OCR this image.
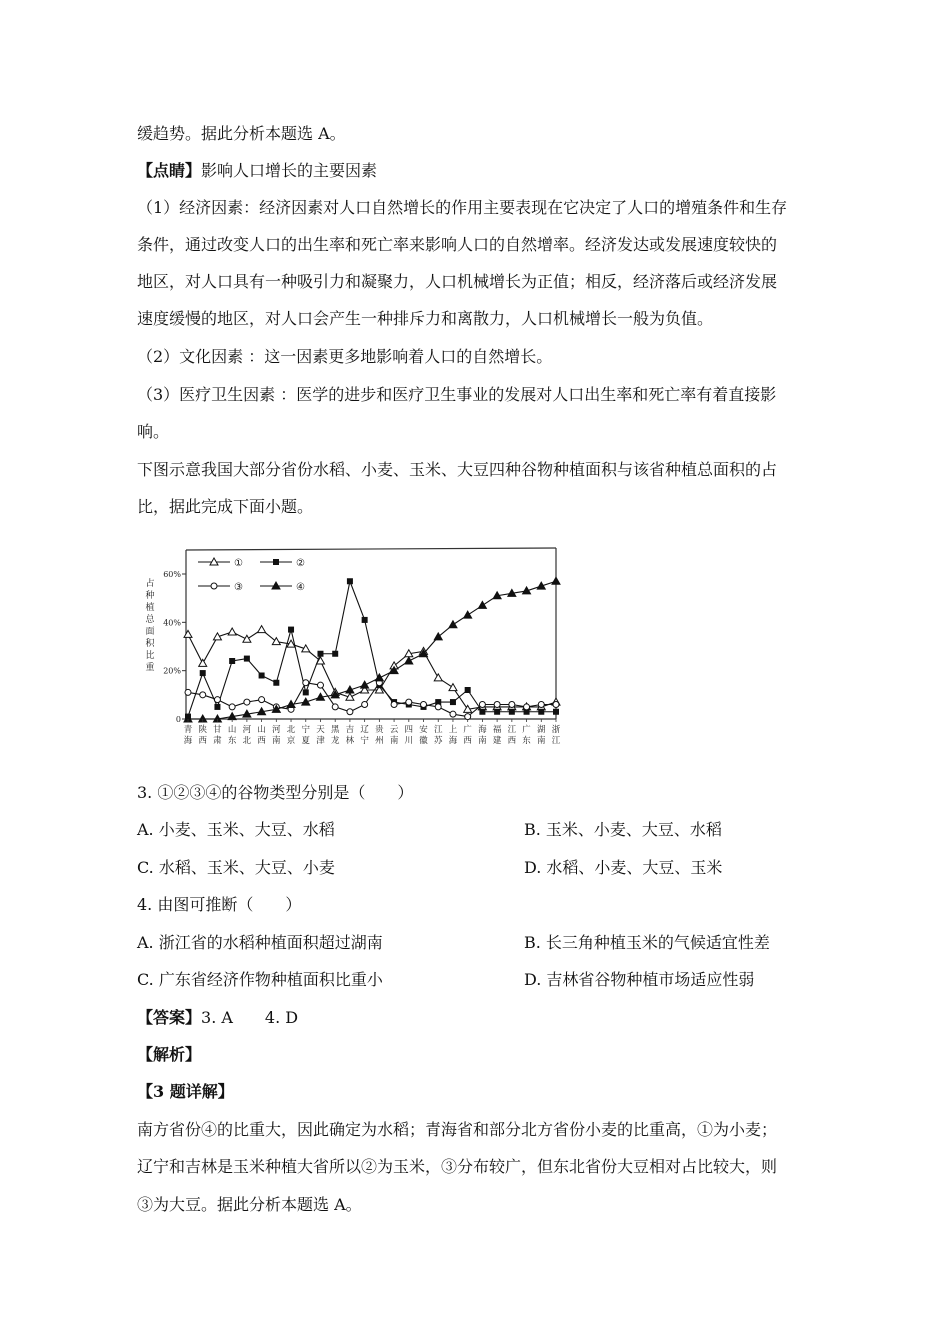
缓趋势。据此分析本题选 A。
【点睛】影响人口增长的主要因素
（1）经济因素：经济因素对人口自然增长的作用主要表现在它决定了人口的增殖条件和生存
条件，通过改变人口的出生率和死亡率来影响人口的自然增率。经济发达或发展速度较快的
地区，对人口具有一种吸引力和凝聚力，人口机械增长为正值；相反，经济落后或经济发展
速度缓慢的地区，对人口会产生一种排斥力和离散力，人口机械增长一般为负值。
（2）文化因素 ：这一因素更多地影响着人口的自然增长。
（3）医疗卫生因素 ：医学的进步和医疗卫生事业的发展对人口出生率和死亡率有着直接影
响。
下图示意我国大部分省份水稻、小麦、玉米、大豆四种谷物种植面积与该省种植总面积的占
比，据此完成下面小题。
0
20%
40%
60%
占
种
植
总
面
积
比
重
①	②
③	④
青
海
陕
西
甘
肃
山
东
河
北
山
西
河
南
北
京
宁
夏
天
津
黑
龙
吉
林
辽
宁
贵
州
云
南
四
川
安
徽
江
苏
上
海
广
西
海
南
福
建
江
西
广
东
湖
南
浙
江
3. ①②③④的谷物类型分别是（　　）
A. 小麦、玉米、大豆、水稻	B. 玉米、小麦、大豆、水稻
C. 水稻、玉米、大豆、小麦	D. 水稻、小麦、大豆、玉米
4. 由图可推断（　　）
A. 浙江省的水稻种植面积超过湖南	B. 长三角种植玉米的气候适宜性差
C. 广东省经济作物种植面积比重小	D. 吉林省谷物种植市场适应性弱
【答案】3. A　　4. D
【解析】
【3 题详解】
南方省份④的比重大，因此确定为水稻；青海省和部分北方省份小麦的比重高，①为小麦；
辽宁和吉林是玉米种植大省所以②为玉米，③分布较广，但东北省份大豆相对占比较大，则
③为大豆。据此分析本题选 A。
